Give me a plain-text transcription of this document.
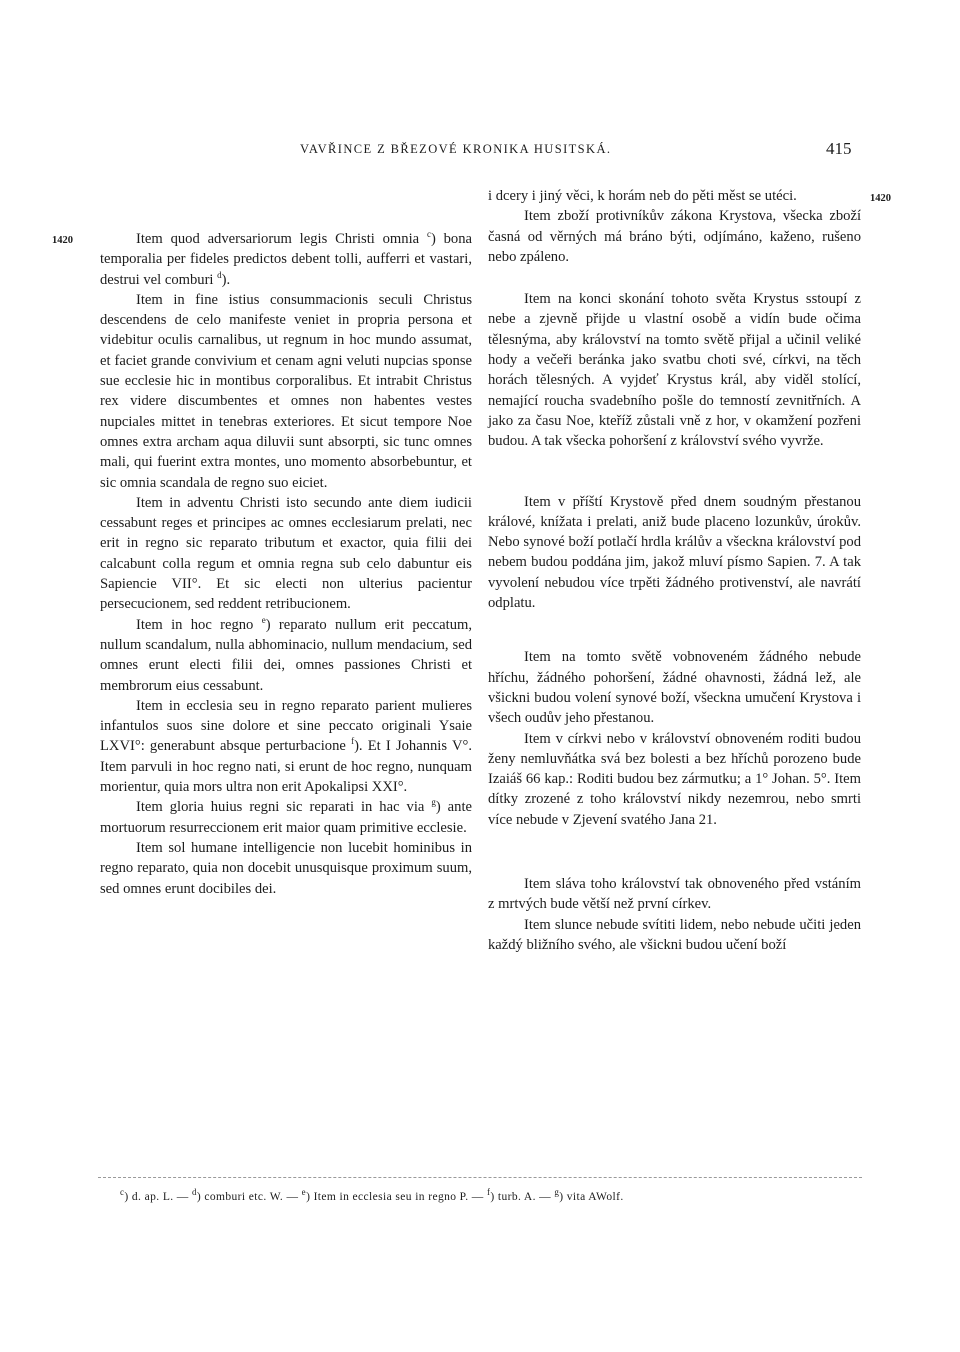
VAVŘINCE Z BŘEZOVÉ KRONIKA HUSITSKÁ.	415
1420
1420

Item quod adversariorum legis Christi omnia $^c$) bona temporalia per fideles predictos debent tolli, aufferri et vastari, destrui vel comburi $^d$).

Item in fine istius consummacionis seculi Christus descendens de celo manifeste veniet in propria persona et videbitur oculis carnalibus, ut regnum in hoc mundo assumat, et faciet grande convivium et cenam agni veluti nupcias sponse sue ecclesie hic in montibus corporalibus. Et intrabit Christus rex videre discumbentes et omnes non habentes vestes nupciales mittet in tenebras exteriores. Et sicut tempore Noe omnes extra archam aqua diluvii sunt absorpti, sic tunc omnes mali, qui fuerint extra montes, uno momento absorbebuntur, et sic omnia scandala de regno suo eiciet.

Item in adventu Christi isto secundo ante diem iudicii cessabunt reges et principes ac omnes ecclesiarum prelati, nec erit in regno sic reparato tributum et exactor, quia filii dei calcabunt colla regum et omnia regna sub celo dabuntur eis Sapiencie VII°. Et sic electi non ulterius pacientur persecucionem, sed reddent retribucionem.

Item in hoc regno $^e$) reparato nullum erit peccatum, nullum scandalum, nulla abhominacio, nullum mendacium, sed omnes erunt electi filii dei, omnes passiones Christi et membrorum eius cessabunt.

Item in ecclesia seu in regno reparato parient mulieres infantulos suos sine dolore et sine peccato originali Ysaie LXVI°: generabunt absque perturbacione $^f$). Et I Johannis V°. Item parvuli in hoc regno nati, si erunt de hoc regno, nunquam morientur, quia mors ultra non erit Apokalipsi XXI°.

Item gloria huius regni sic reparati in hac via $^g$) ante mortuorum resurreccionem erit maior quam primitive ecclesie.

Item sol humane intelligencie non lucebit hominibus in regno reparato, quia non docebit unusquisque proximum suum, sed omnes erunt docibiles dei.

i dcery i jiný věci, k horám neb do pěti měst se utéci.

Item zboží protivníkův zákona Krystova, všecka zboží časná od věrných má bráno býti, odjímáno, kaženo, rušeno nebo zpáleno.

Item na konci skonání tohoto světa Krystus sstoupí z nebe a zjevně přijde u vlastní osobě a vidín bude očima tělesnýma, aby království na tomto světě přijal a učinil veliké hody a večeři beránka jako svatbu choti své, církvi, na těch horách tělesných. A vyjdeť Krystus král, aby viděl stolící, nemající roucha svadebního pošle do temností zevnitřních. A jako za času Noe, kteříž zůstali vně z hor, v okamžení pozřeni budou. A tak všecka pohoršení z království svého vyvrže.

Item v příští Krystově před dnem soudným přestanou králové, knížata i prelati, aniž bude placeno lozunkův, úrokův. Nebo synové boží potlačí hrdla králův a všeckna království pod nebem budou poddána jim, jakož mluví písmo Sapien. 7. A tak vyvolení nebudou více trpěti žádného protivenství, ale navrátí odplatu.

Item na tomto světě vobnoveném žádného nebude hříchu, žádného pohoršení, žádné ohavnosti, žádná lež, ale všickni budou volení synové boží, všeckna umučení Krystova i všech oudův jeho přestanou.

Item v církvi nebo v království obnoveném roditi budou ženy nemluvňátka svá bez bolesti a bez hříchů porozeno bude Izaiáš 66 kap.: Roditi budou bez zármutku; a 1° Johan. 5°. Item dítky zrozené z toho království nikdy nezemrou, nebo smrti více nebude v Zjevení svatého Jana 21.

Item sláva toho království tak obnoveného před vstáním z mrtvých bude větší než první církev.

Item slunce nebude svítiti lidem, nebo nebude učiti jeden každý bližního svého, ale všickni budou učení boží

$^c$) d. ap. L. — $^d$) comburi etc. W. — $^e$) Item in ecclesia seu in regno P. — $^f$) turb. A. — $^g$) vita AWolf.
